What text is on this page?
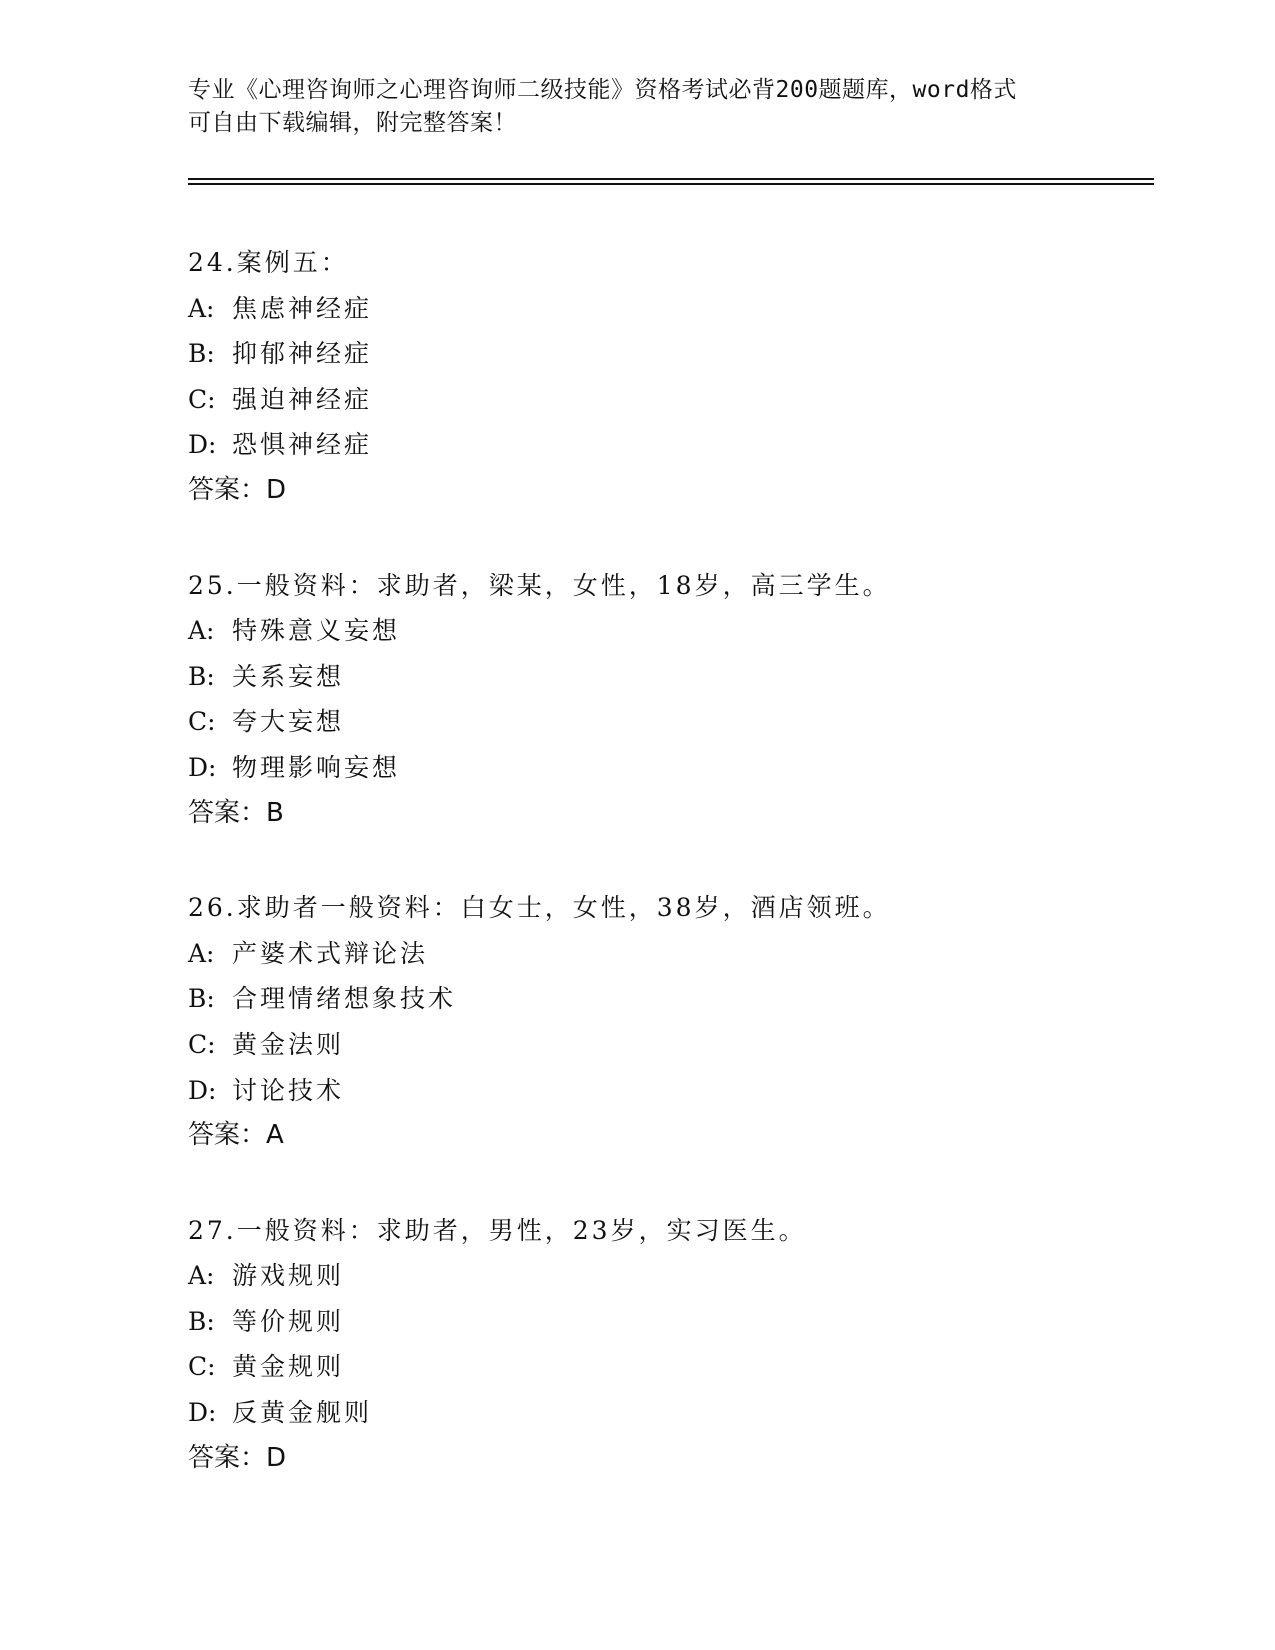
专业《心理咨询师之心理咨询师二级技能》资格考试必背200题题库，word格式
可自由下载编辑，附完整答案！
24.案例五：
A: 焦虑神经症
B: 抑郁神经症
C: 强迫神经症
D: 恐惧神经症
答案：D
25.一般资料：求助者，梁某，女性，18岁，高三学生。
A: 特殊意义妄想
B: 关系妄想
C: 夸大妄想
D: 物理影响妄想
答案：B
26.求助者一般资料：白女士，女性，38岁，酒店领班。
A: 产婆术式辩论法
B: 合理情绪想象技术
C: 黄金法则
D: 讨论技术
答案：A
27.一般资料：求助者，男性，23岁，实习医生。
A: 游戏规则
B: 等价规则
C: 黄金规则
D: 反黄金舰则
答案：D
